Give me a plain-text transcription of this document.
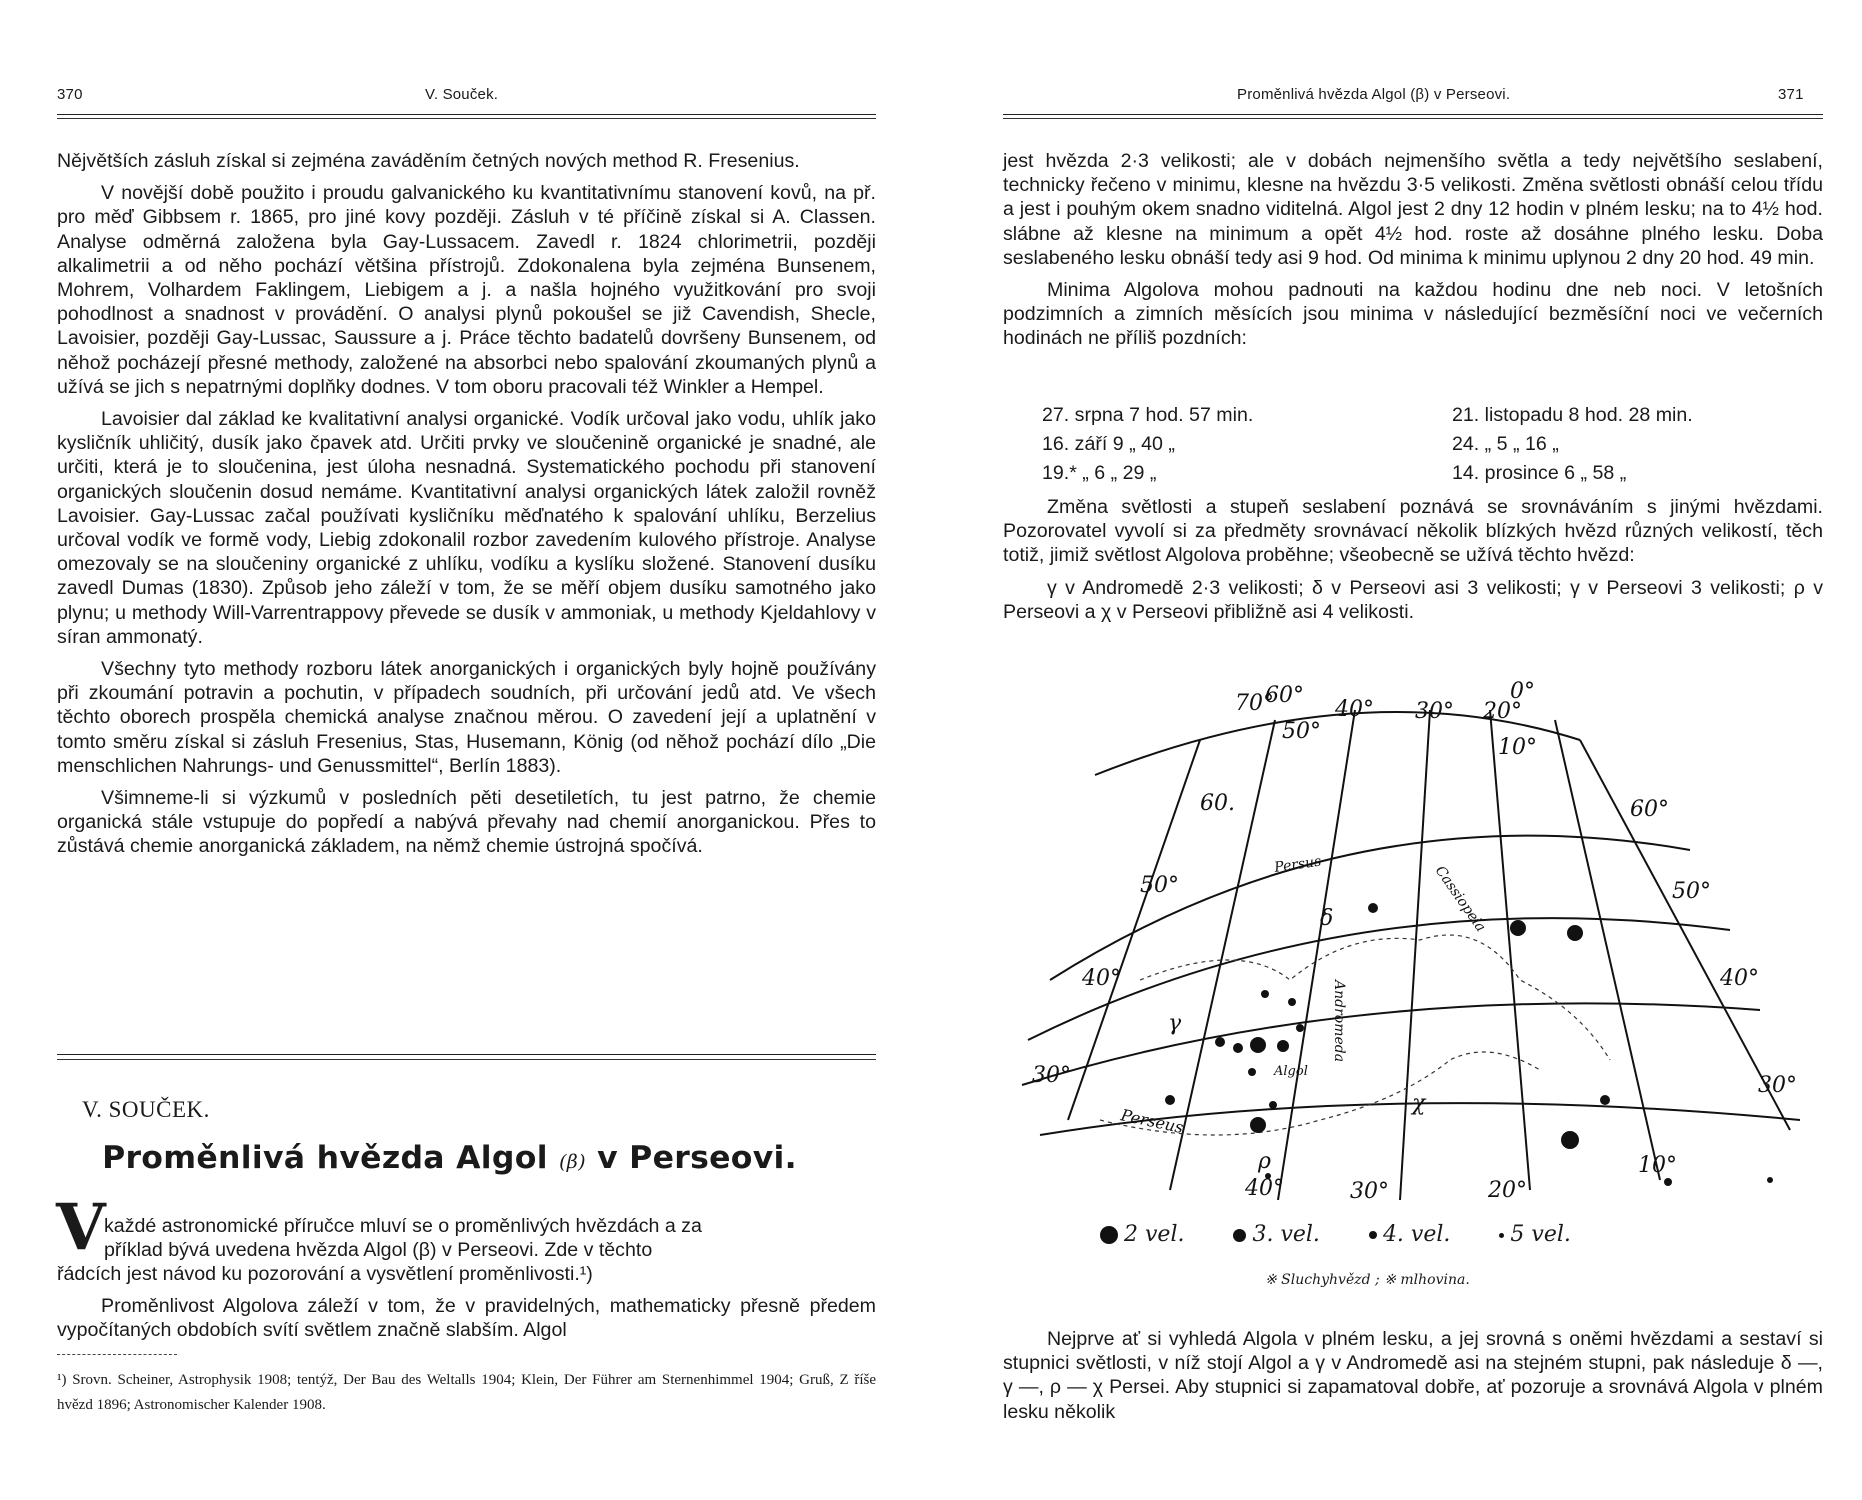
370	V. Souček.

Nějvětších zásluh získal si zejména zaváděním četných nových method R. Fresenius.

V novější době použito i proudu galvanického ku kvantitativnímu stanovení kovů, na př. pro měď Gibbsem r. 1865, pro jiné kovy později. Zásluh v té příčině získal si A. Classen. Analyse odměrná založena byla Gay-Lussacem. Zavedl r. 1824 chlorimetrii, později alkalimetrii a od něho pochází většina přístrojů. Zdokonalena byla zejména Bunsenem, Mohrem, Volhardem Faklingem, Liebigem a j. a našla hojného využitkování pro svoji pohodlnost a snadnost v provádění. O analysi plynů pokoušel se již Cavendish, Shecle, Lavoisier, později Gay-Lussac, Saussure a j. Práce těchto badatelů dovršeny Bunsenem, od něhož pocházejí přesné methody, založené na absorbci nebo spalování zkoumaných plynů a užívá se jich s nepatrnými doplňky dodnes. V tom oboru pracovali též Winkler a Hempel.

Lavoisier dal základ ke kvalitativní analysi organické. Vodík určoval jako vodu, uhlík jako kysličník uhličitý, dusík jako čpavek atd. Určiti prvky ve sloučenině organické je snadné, ale určiti, která je to sloučenina, jest úloha nesnadná. Systematického pochodu při stanovení organických sloučenin dosud nemáme. Kvantitativní analysi organických látek založil rovněž Lavoisier. Gay-Lussac začal používati kysličníku měďnatého k spalování uhlíku, Berzelius určoval vodík ve formě vody, Liebig zdokonalil rozbor zavedením kulového přístroje. Analyse omezovaly se na sloučeniny organické z uhlíku, vodíku a kyslíku složené. Stanovení dusíku zavedl Dumas (1830). Způsob jeho záleží v tom, že se měří objem dusíku samotného jako plynu; u methody Will-Varrentrappovy převede se dusík v ammoniak, u methody Kjeldahlovy v síran ammonatý.

Všechny tyto methody rozboru látek anorganických i organických byly hojně používány při zkoumání potravin a pochutin, v případech soudních, při určování jedů atd. Ve všech těchto oborech prospěla chemická analyse značnou měrou. O zavedení její a uplatnění v tomto směru získal si zásluh Fresenius, Stas, Husemann, König (od něhož pochází dílo „Die menschlichen Nahrungs- und Genussmittel“, Berlín 1883).

Všimneme-li si výzkumů v posledních pěti desetiletích, tu jest patrno, že chemie organická stále vstupuje do popředí a nabývá převahy nad chemií anorganickou. Přes to zůstává chemie anorganická základem, na němž chemie ústrojná spočívá.

V. SOUČEK.
Proměnlivá hvězda Algol (β) v Perseovi.
V
každé astronomické příručce mluví se o proměnlivých hvězdách a za
příklad bývá uvedena hvězda Algol (β) v Perseovi. Zde v těchto

řádcích jest návod ku pozorování a vysvětlení proměnlivosti.¹)

Proměnlivost Algolova záleží v tom, že v pravidelných, mathematicky přesně předem vypočítaných obdobích svítí světlem značně slabším. Algol

¹) Srovn. Scheiner, Astrophysik 1908; tentýž, Der Bau des Weltalls 1904; Klein, Der Führer am Sternenhimmel 1904; Gruß, Z říše hvězd 1896; Astronomischer Kalender 1908.
Proměnlivá hvězda Algol (β) v Perseovi.	371

jest hvězda 2·3 velikosti; ale v dobách nejmenšího světla a tedy největšího seslabení, technicky řečeno v minimu, klesne na hvězdu 3·5 velikosti. Změna světlosti obnáší celou třídu a jest i pouhým okem snadno viditelná. Algol jest 2 dny 12 hodin v plném lesku; na to 4½ hod. slábne až klesne na minimum a opět 4½ hod. roste až dosáhne plného lesku. Doba seslabeného lesku obnáší tedy asi 9 hod. Od minima k minimu uplynou 2 dny 20 hod. 49 min.

Minima Algolova mohou padnouti na každou hodinu dne neb noci. V letošních podzimních a zimních měsících jsou minima v následující bezměsíční noci ve večerních hodinách ne příliš pozdních:

27. srpna 7 hod. 57 min.	21. listopadu 8 hod. 28 min.
16. září 9 „ 40 „	24. „ 5 „ 16 „
19.* „ 6 „ 29 „	14. prosince 6 „ 58 „

Změna světlosti a stupeň seslabení poznává se srovnáváním s jinými hvězdami. Pozorovatel vyvolí si za předměty srovnávací několik blízkých hvězd různých velikostí, těch totiž, jimiž světlost Algolova proběhne; všeobecně se užívá těchto hvězd:

γ v Andromedě 2·3 velikosti; δ v Perseovi asi 3 velikosti; γ v Perseovi 3 velikosti; ρ v Perseovi a χ v Perseovi přibližně asi 4 velikosti.

70°
60°
50°
40° 30° 20°
10°
0°
60°
50°
40°
30°
60.
50°
40°
30°
40°	30°	20°
10°
Persus
Perseus
Andromeda
Cassiopeia
Algol
δ
γ
ρ
χ
2 vel.	3. vel.	4. vel.	5 vel.
※ Sluchyhvězd ; ※ mlhovina.

Nejprve ať si vyhledá Algola v plném lesku, a jej srovná s oněmi hvězdami a sestaví si stupnici světlosti, v níž stojí Algol a γ v Andromedě asi na stejném stupni, pak následuje δ —, γ —, ρ — χ Persei. Aby stupnici si zapamatoval dobře, ať pozoruje a srovnává Algola v plném lesku několik
